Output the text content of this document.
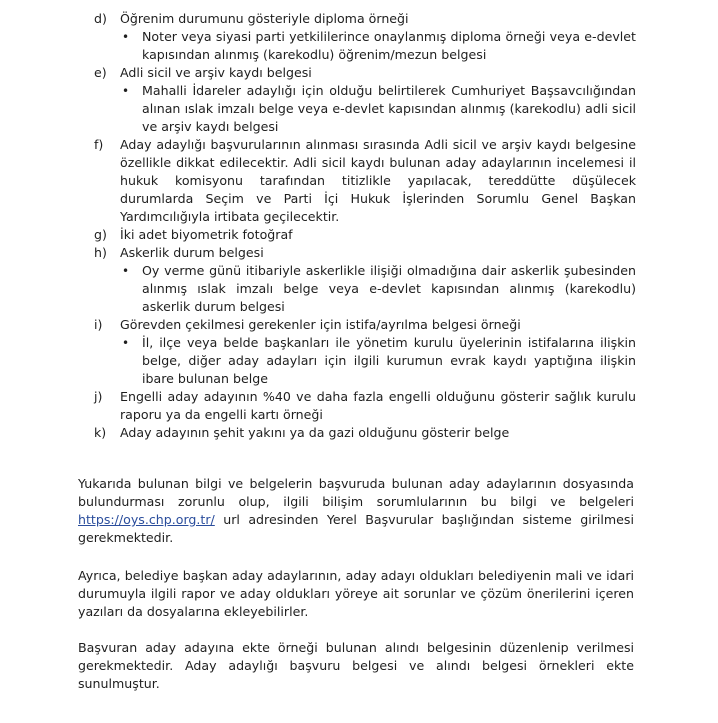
d) Öğrenim durumunu gösteriyle diploma örneği
• Noter veya siyasi parti yetkililerince onaylanmış diploma örneği veya e-devlet kapısından alınmış (karekodlu) öğrenim/mezun belgesi
e) Adli sicil ve arşiv kaydı belgesi
• Mahalli İdareler adaylığı için olduğu belirtilerek Cumhuriyet Başsavcılığından alınan ıslak imzalı belge veya e-devlet kapısından alınmış (karekodlu) adli sicil ve arşiv kaydı belgesi
f) Aday adaylığı başvurularının alınması sırasında Adli sicil ve arşiv kaydı belgesine özellikle dikkat edilecektir. Adli sicil kaydı bulunan aday adaylarının incelemesi il hukuk komisyonu tarafından titizlikle yapılacak, tereddütte düşülecek durumlarda Seçim ve Parti İçi Hukuk İşlerinden Sorumlu Genel Başkan Yardımcılığıyla irtibata geçilecektir.
g) İki adet biyometrik fotoğraf
h) Askerlik durum belgesi
• Oy verme günü itibariyle askerlikle ilişiği olmadığına dair askerlik şubesinden alınmış ıslak imzalı belge veya e-devlet kapısından alınmış (karekodlu) askerlik durum belgesi
i) Görevden çekilmesi gerekenler için istifa/ayrılma belgesi örneği
• İl, ilçe veya belde başkanları ile yönetim kurulu üyelerinin istifalarına ilişkin belge, diğer aday adayları için ilgili kurumun evrak kaydı yaptığına ilişkin ibare bulunan belge
j) Engelli aday adayının %40 ve daha fazla engelli olduğunu gösterir sağlık kurulu raporu ya da engelli kartı örneği
k) Aday adayının şehit yakını ya da gazi olduğunu gösterir belge
Yukarıda bulunan bilgi ve belgelerin başvuruda bulunan aday adaylarının dosyasında bulundurması zorunlu olup, ilgili bilişim sorumlularının bu bilgi ve belgeleri https://oys.chp.org.tr/ url adresinden Yerel Başvurular başlığından sisteme girilmesi gerekmektedir.
Ayrıca, belediye başkan aday adaylarının, aday adayı oldukları belediyenin mali ve idari durumuyla ilgili rapor ve aday oldukları yöreye ait sorunlar ve çözüm önerilerini içeren yazıları da dosyalarına ekleyebilirler.
Başvuran aday adayına ekte örneği bulunan alındı belgesinin düzenlenip verilmesi gerekmektedir. Aday adaylığı başvuru belgesi ve alındı belgesi örnekleri ekte sunulmuştur.
